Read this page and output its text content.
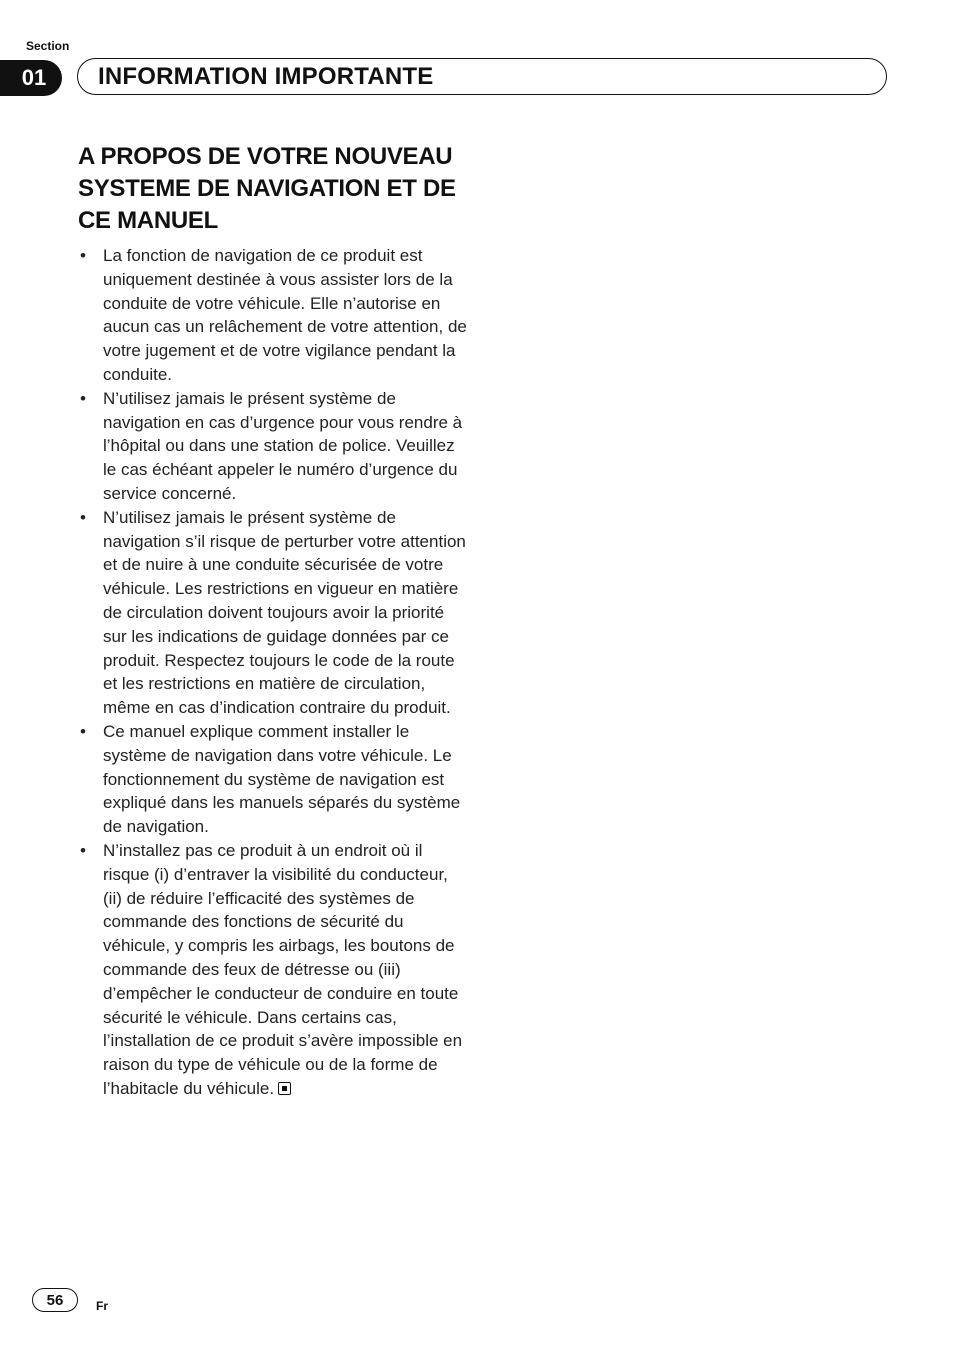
Section
01	INFORMATION IMPORTANTE
A PROPOS DE VOTRE NOUVEAU SYSTEME DE NAVIGATION ET DE CE MANUEL
• La fonction de navigation de ce produit est uniquement destinée à vous assister lors de la conduite de votre véhicule. Elle n’autorise en aucun cas un relâchement de votre attention, de votre jugement et de votre vigilance pendant la conduite.
• N’utilisez jamais le présent système de navigation en cas d’urgence pour vous rendre à l’hôpital ou dans une station de police. Veuillez le cas échéant appeler le numéro d’urgence du service concerné.
• N’utilisez jamais le présent système de navigation s’il risque de perturber votre attention et de nuire à une conduite sécurisée de votre véhicule. Les restrictions en vigueur en matière de circulation doivent toujours avoir la priorité sur les indications de guidage données par ce produit. Respectez toujours le code de la route et les restrictions en matière de circulation, même en cas d’indication contraire du produit.
• Ce manuel explique comment installer le système de navigation dans votre véhicule. Le fonctionnement du système de navigation est expliqué dans les manuels séparés du système de navigation.
• N’installez pas ce produit à un endroit où il risque (i) d’entraver la visibilité du conducteur, (ii) de réduire l’efficacité des systèmes de commande des fonctions de sécurité du véhicule, y compris les airbags, les boutons de commande des feux de détresse ou (iii) d’empêcher le conducteur de conduire en toute sécurité le véhicule. Dans certains cas, l’installation de ce produit s’avère impossible en raison du type de véhicule ou de la forme de l’habitacle du véhicule.
56	Fr
